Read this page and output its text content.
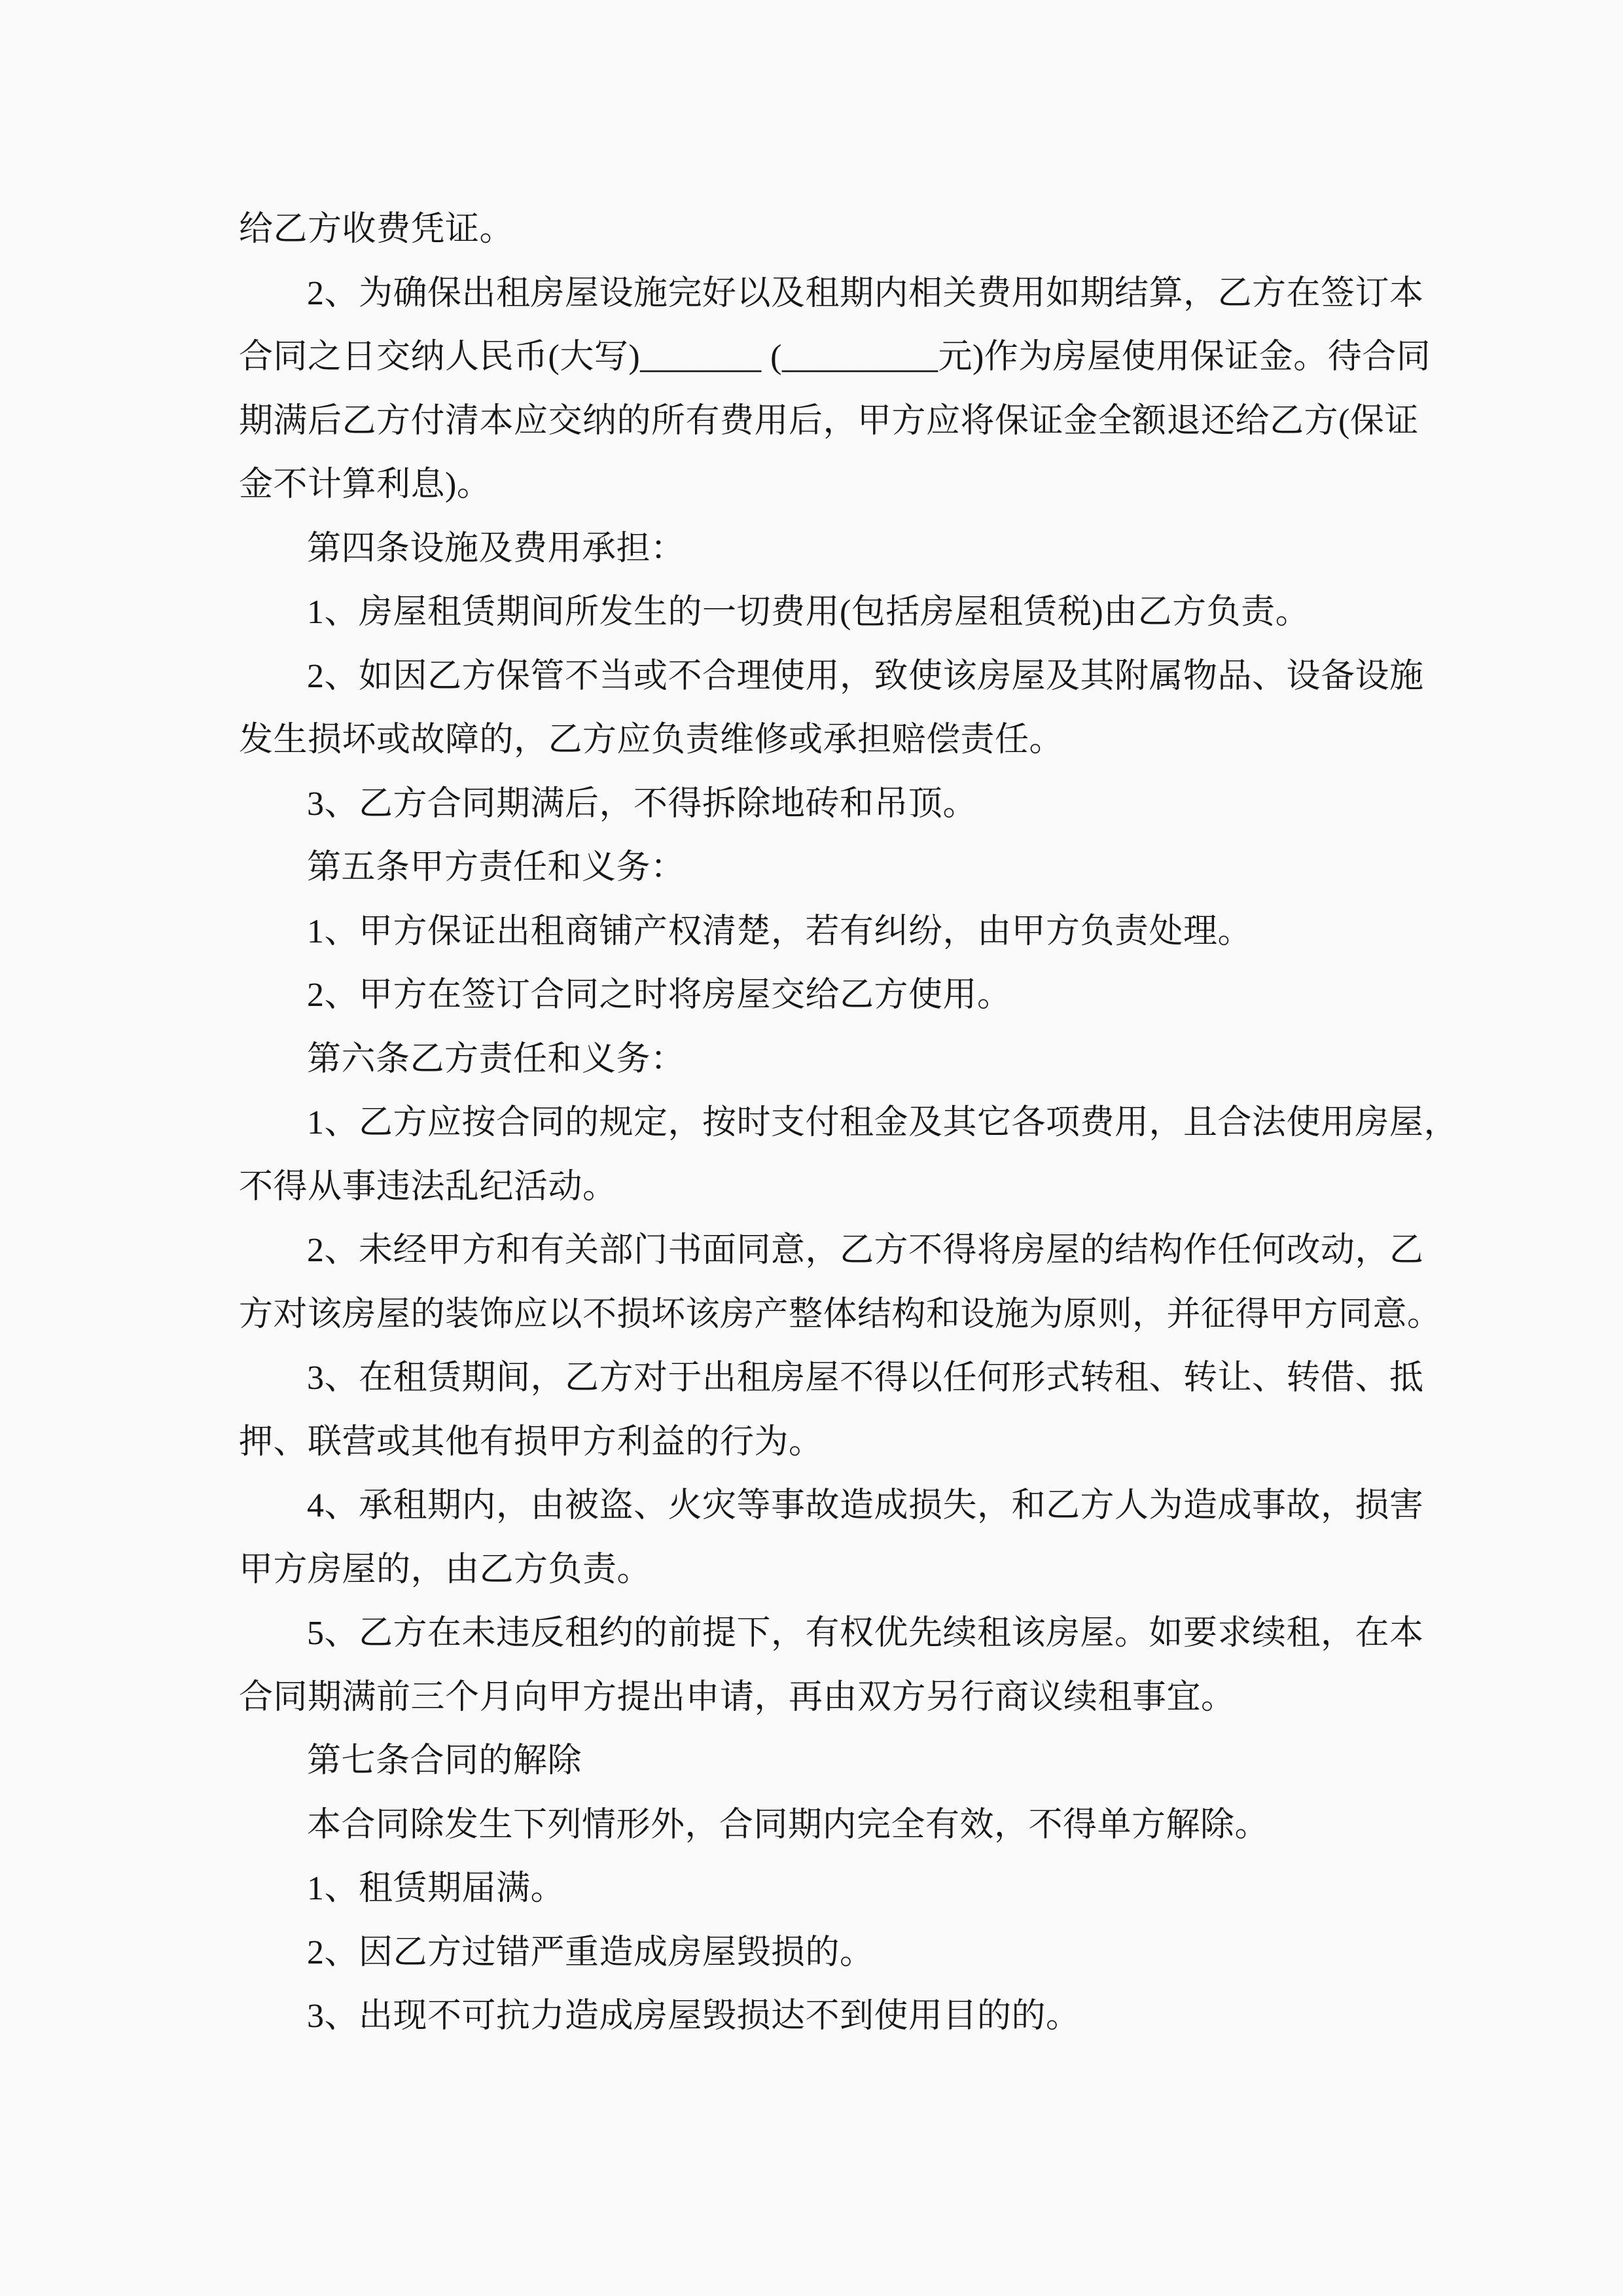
给乙方收费凭证。
2、为确保出租房屋设施完好以及租期内相关费用如期结算，乙方在签订本
合同之日交纳人民币(大写)_______ (_________元)作为房屋使用保证金。待合同
期满后乙方付清本应交纳的所有费用后，甲方应将保证金全额退还给乙方(保证
金不计算利息)。
第四条设施及费用承担：
1、房屋租赁期间所发生的一切费用(包括房屋租赁税)由乙方负责。
2、如因乙方保管不当或不合理使用，致使该房屋及其附属物品、设备设施
发生损坏或故障的，乙方应负责维修或承担赔偿责任。
3、乙方合同期满后，不得拆除地砖和吊顶。
第五条甲方责任和义务：
1、甲方保证出租商铺产权清楚，若有纠纷，由甲方负责处理。
2、甲方在签订合同之时将房屋交给乙方使用。
第六条乙方责任和义务：
1、乙方应按合同的规定，按时支付租金及其它各项费用，且合法使用房屋，
不得从事违法乱纪活动。
2、未经甲方和有关部门书面同意，乙方不得将房屋的结构作任何改动，乙
方对该房屋的装饰应以不损坏该房产整体结构和设施为原则，并征得甲方同意。
3、在租赁期间，乙方对于出租房屋不得以任何形式转租、转让、转借、抵
押、联营或其他有损甲方利益的行为。
4、承租期内，由被盗、火灾等事故造成损失，和乙方人为造成事故，损害
甲方房屋的，由乙方负责。
5、乙方在未违反租约的前提下，有权优先续租该房屋。如要求续租，在本
合同期满前三个月向甲方提出申请，再由双方另行商议续租事宜。
第七条合同的解除
本合同除发生下列情形外，合同期内完全有效，不得单方解除。
1、租赁期届满。
2、因乙方过错严重造成房屋毁损的。
3、出现不可抗力造成房屋毁损达不到使用目的的。
